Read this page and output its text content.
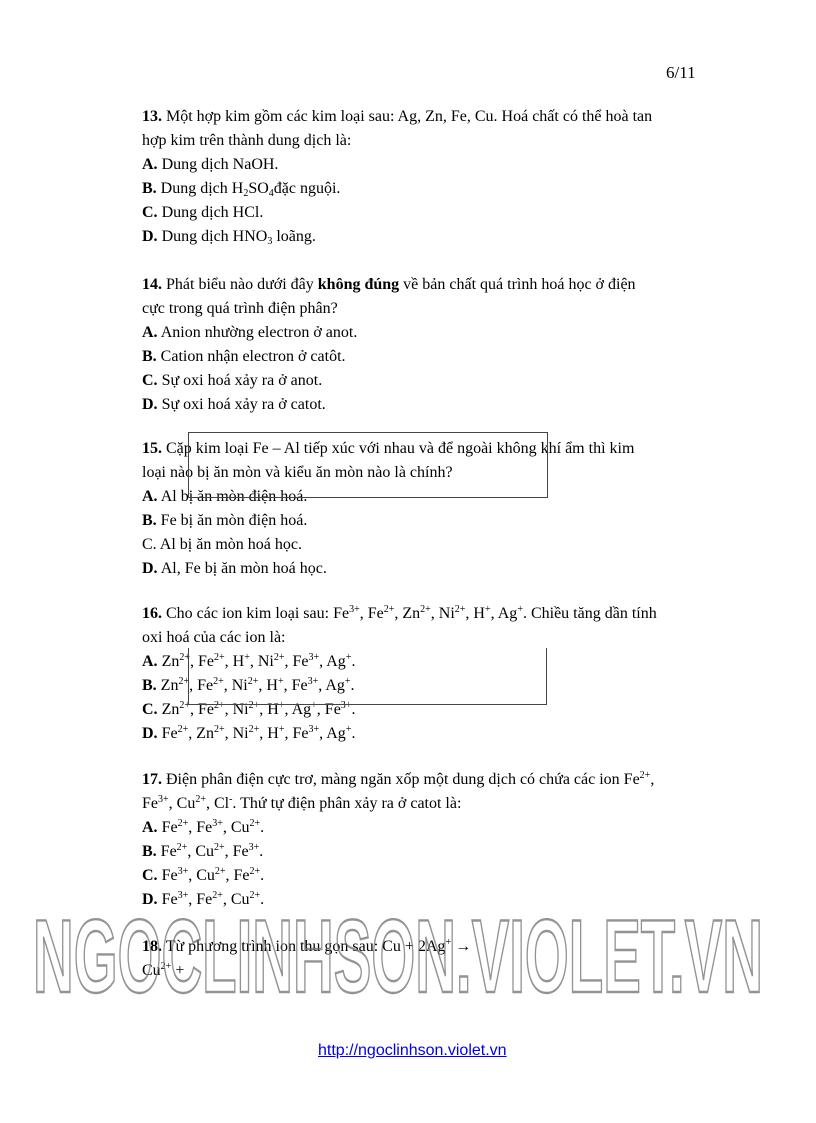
6/11

13. Một hợp kim gồm các kim loại sau: Ag, Zn, Fe, Cu. Hoá chất có thể hoà tan
hợp kim trên thành dung dịch là:

A. Dung dịch NaOH.

B. Dung dịch $H_2SO_4đặc$ nguội.

C. Dung dịch HCl.

D. Dung dịch $HNO_3$ loãng.

14. Phát biểu nào dưới đây không đúng về bản chất quá trình hoá học ở điện
cực trong quá trình điện phân?

A. Anion nhường electron ở anot.

B. Cation nhận electron ở catôt.

C. Sự oxi hoá xảy ra ở anot.

D. Sự oxi hoá xảy ra ở catot.

15. Cặp kim loại Fe – Al tiếp xúc với nhau và để ngoài không khí ẩm thì kim
loại nào bị ăn mòn và kiểu ăn mòn nào là chính?

A. Al bị ăn mòn điện hoá.

B. Fe bị ăn mòn điện hoá.

C. Al bị ăn mòn hoá học.

D. Al, Fe bị ăn mòn hoá học.

16. Cho các ion kim loại sau: $Fe^{3+}$, $Fe^{2+}$, $Zn^{2+}$, $Ni^{2+}$, H+, Ag+. Chiều tăng dần tính
oxi hoá của các ion là:

A. $Zn^{2+}$, $Fe^{2+}$, H+, $Ni^{2+}$, $Fe^{3+}$, Ag+.

B. $Zn^{2+}$, $Fe^{2+}$, $Ni^{2+}$, H+, $Fe^{3+}$, Ag+.

C. $Zn^{2+}$, $Fe^{2+}$, $Ni^{2+}$, H+, Ag+, $Fe^{3+}$.

D. $Fe^{2+}$, $Zn^{2+}$, $Ni^{2+}$, H+, $Fe^{3+}$, Ag+.

17. Điện phân điện cực trơ, màng ngăn xốp một dung dịch có chứa các ion $Fe^{2+}$,
$Fe^{3+}$, $Cu^{2+}$, Cl-. Thứ tự điện phân xảy ra ở catot là:

A. $Fe^{2+}$, $Fe^{3+}$, $Cu^{2+}$.

B. $Fe^{2+}$, $Cu^{2+}$, $Fe^{3+}$.

C. $Fe^{3+}$, $Cu^{2+}$, $Fe^{2+}$.

D. $Fe^{3+}$, $Fe^{2+}$, $Cu^{2+}$.

18. Từ phương trình ion thu gọn sau: Cu + 2Ag+ →
$Cu^{2+}$ +

NGOCLINHSON.VIOLET.VN
http://ngoclinhson.violet.vn
